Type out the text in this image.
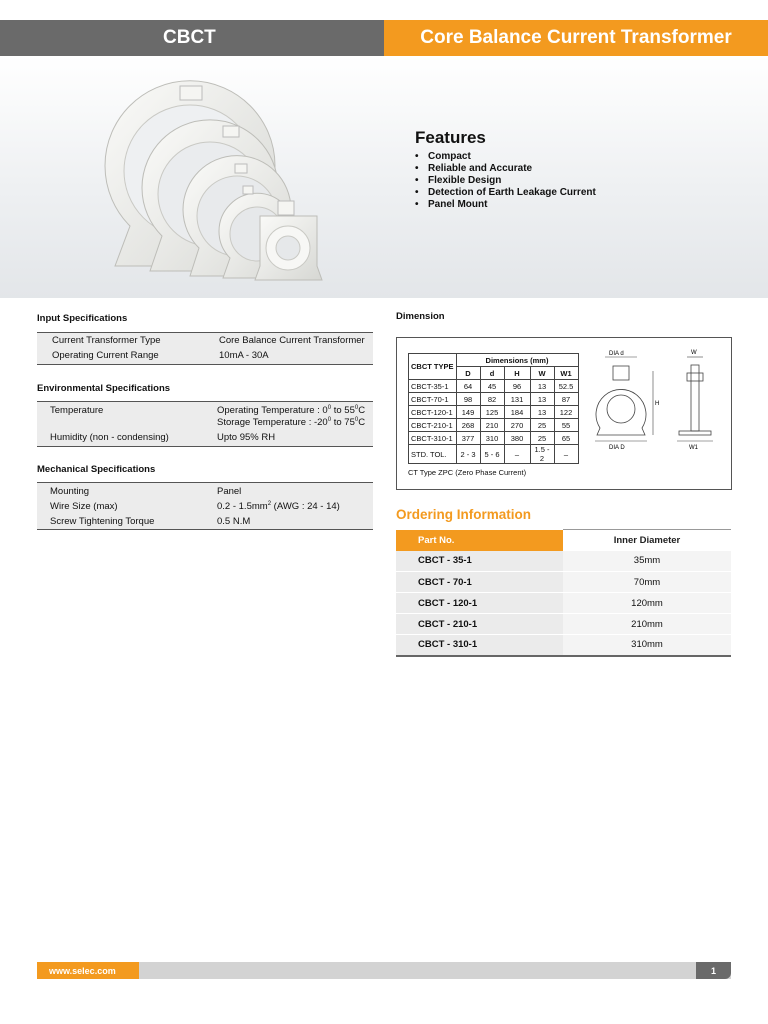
CBCT	Core Balance Current Transformer
Features
• Compact
• Reliable and Accurate
• Flexible Design
• Detection of Earth Leakage Current
• Panel Mount
Input Specifications
Current Transformer Type	Core Balance Current Transformer
Operating Current Range	10mA - 30A
Environmental Specifications
Temperature	Operating Temperature : $0^0$ to $55^0C$
Storage Temperature : $-20^0$ to $75^0C$
Humidity (non - condensing)	Upto 95% RH
Mechanical Specifications
Mounting	Panel
Wire Size (max)	$0.2 - 1.5mm^2$ (AWG : 24 - 14)
Screw Tightening Torque	0.5 N.M
Dimension
CBCT TYPE	Dimensions (mm)				
	D	d	H	W	W1
CBCT-35-1	64	45	96	13	52.5
CBCT-70-1	98	82	131	13	87
CBCT-120-1	149	125	184	13	122
CBCT-210-1	268	210	270	25	55
CBCT-310-1	377	310	380	25	65
STD. TOL.	2 - 3	5 - 6	–	1.5 - 2	–
CT Type ZPC (Zero Phase Current)
DIA d
DIA D
H
W
W1
Ordering Information
Part No.	Inner Diameter
CBCT - 35-1	35mm
CBCT - 70-1	70mm
CBCT - 120-1	120mm
CBCT - 210-1	210mm
CBCT - 310-1	310mm
www.selec.com	1
